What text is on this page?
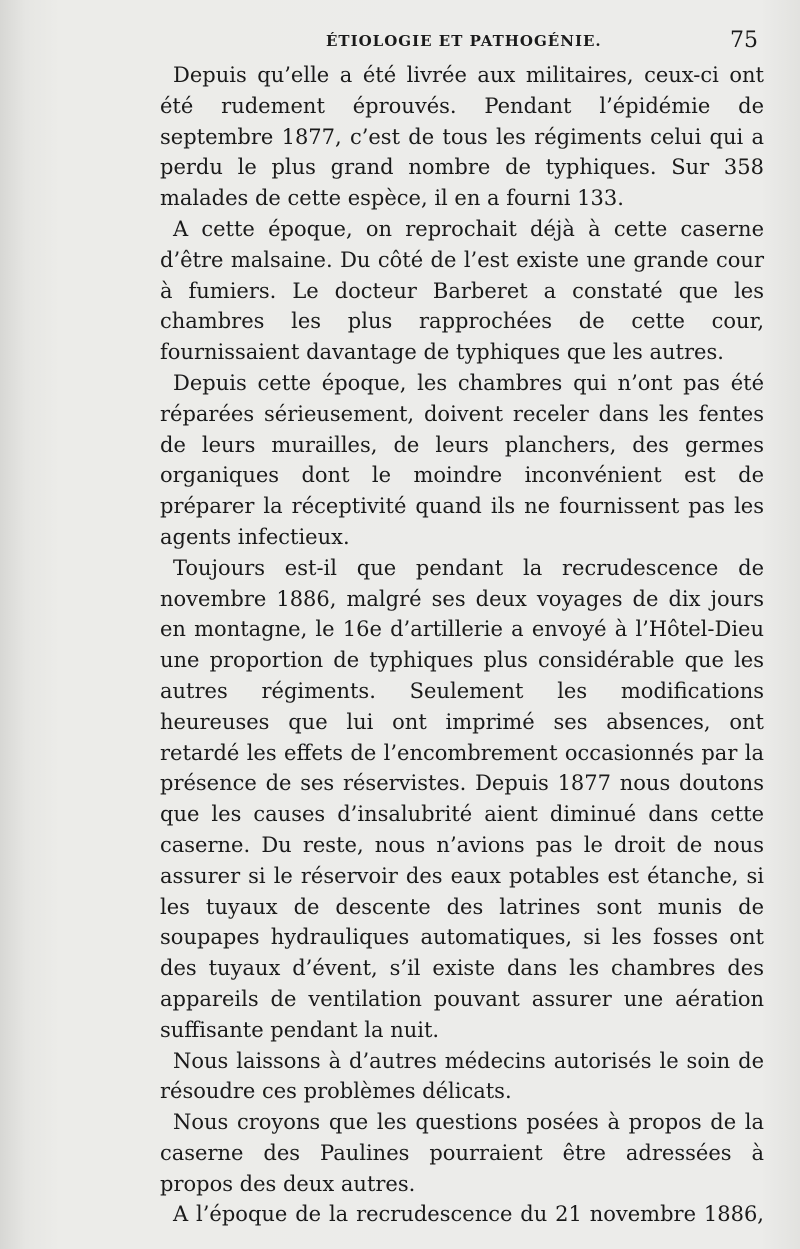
ÉTIOLOGIE ET PATHOGÉNIE.	75

Depuis qu’elle a été livrée aux militaires, ceux-ci ont été rudement éprouvés. Pendant l’épidémie de septembre 1877, c’est de tous les régiments celui qui a perdu le plus grand nombre de typhiques. Sur 358 malades de cette espèce, il en a fourni 133.

A cette époque, on reprochait déjà à cette caserne d’être malsaine. Du côté de l’est existe une grande cour à fumiers. Le docteur Barberet a constaté que les chambres les plus rapprochées de cette cour, fournissaient davantage de typhiques que les autres.

Depuis cette époque, les chambres qui n’ont pas été réparées sérieusement, doivent receler dans les fentes de leurs murailles, de leurs planchers, des germes organiques dont le moindre inconvénient est de préparer la réceptivité quand ils ne fournissent pas les agents infectieux.

Toujours est-il que pendant la recrudescence de novembre 1886, malgré ses deux voyages de dix jours en montagne, le 16e d’artillerie a envoyé à l’Hôtel-Dieu une proportion de typhiques plus considérable que les autres régiments. Seulement les modifications heureuses que lui ont imprimé ses absences, ont retardé les effets de l’encombrement occasionnés par la présence de ses réservistes. Depuis 1877 nous doutons que les causes d’insalubrité aient diminué dans cette caserne. Du reste, nous n’avions pas le droit de nous assurer si le réservoir des eaux potables est étanche, si les tuyaux de descente des latrines sont munis de soupapes hydrauliques automatiques, si les fosses ont des tuyaux d’évent, s’il existe dans les chambres des appareils de ventilation pouvant assurer une aération suffisante pendant la nuit.

Nous laissons à d’autres médecins autorisés le soin de résoudre ces problèmes délicats.

Nous croyons que les questions posées à propos de la caserne des Paulines pourraient être adressées à propos des deux autres.

A l’époque de la recrudescence du 21 novembre 1886,
